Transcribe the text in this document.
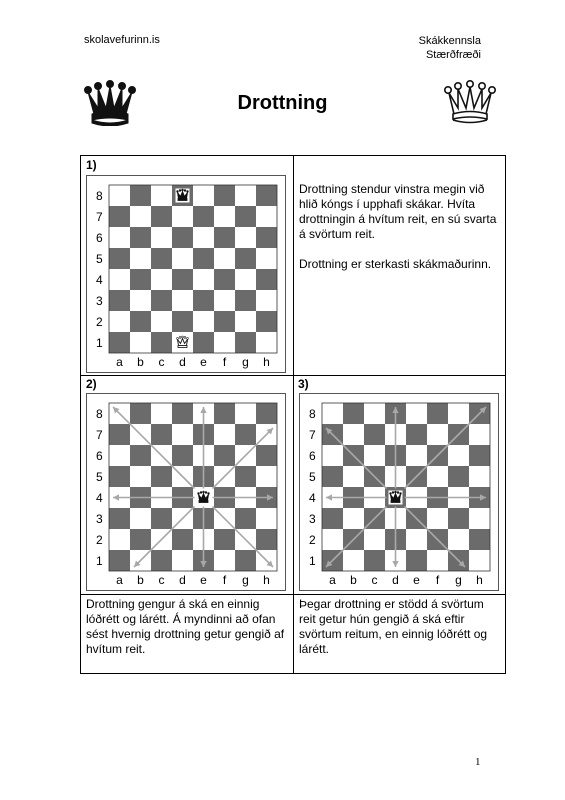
skolavefurinn.is	Skákkennsla
Stærðfræði
Drottning
1)
8
7
6
5
4
3
2
1
a b c d e f g h
Drottning stendur vinstra megin við hlið kóngs í upphafi skákar. Hvíta drottningin á hvítum reit, en sú svarta á svörtum reit.
Drottning er sterkasti skákmaðurinn.
2)
8
7
6
5
4
3
2
1
a b c d e f g h
3)
8
7
6
5
4
3
2
1
a b c d e f g h
Drottning gengur á ská en einnig lóðrétt og lárétt. Á myndinni að ofan sést hvernig drottning getur gengið af hvítum reit.
Þegar drottning er stödd á svörtum reit getur hún gengið á ská eftir svörtum reitum, en einnig lóðrétt og lárétt.
1
